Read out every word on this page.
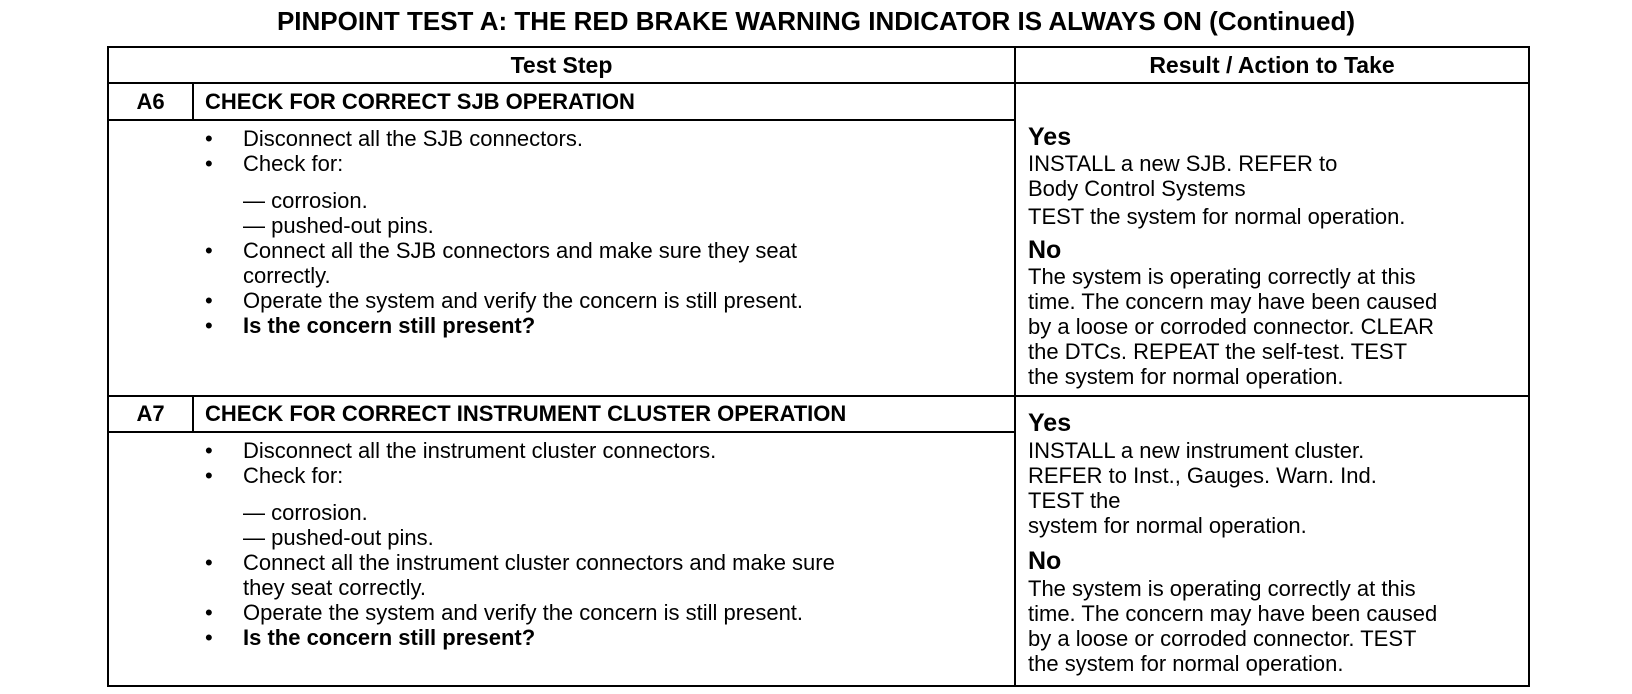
PINPOINT TEST A: THE RED BRAKE WARNING INDICATOR IS ALWAYS ON (Continued)
Test Step	Result / Action to Take
A6	CHECK FOR CORRECT SJB OPERATION
• Disconnect all the SJB connectors.
• Check for:
— corrosion.
— pushed-out pins.
• Connect all the SJB connectors and make sure they seat
correctly.
• Operate the system and verify the concern is still present.
• Is the concern still present?
Yes
INSTALL a new SJB. REFER to
Body Control Systems
TEST the system for normal operation.
No
The system is operating correctly at this
time. The concern may have been caused
by a loose or corroded connector. CLEAR
the DTCs. REPEAT the self-test. TEST
the system for normal operation.
A7	CHECK FOR CORRECT INSTRUMENT CLUSTER OPERATION
• Disconnect all the instrument cluster connectors.
• Check for:
— corrosion.
— pushed-out pins.
• Connect all the instrument cluster connectors and make sure
they seat correctly.
• Operate the system and verify the concern is still present.
• Is the concern still present?
Yes
INSTALL a new instrument cluster.
REFER to Inst., Gauges. Warn. Ind.
TEST the
system for normal operation.
No
The system is operating correctly at this
time. The concern may have been caused
by a loose or corroded connector. TEST
the system for normal operation.
